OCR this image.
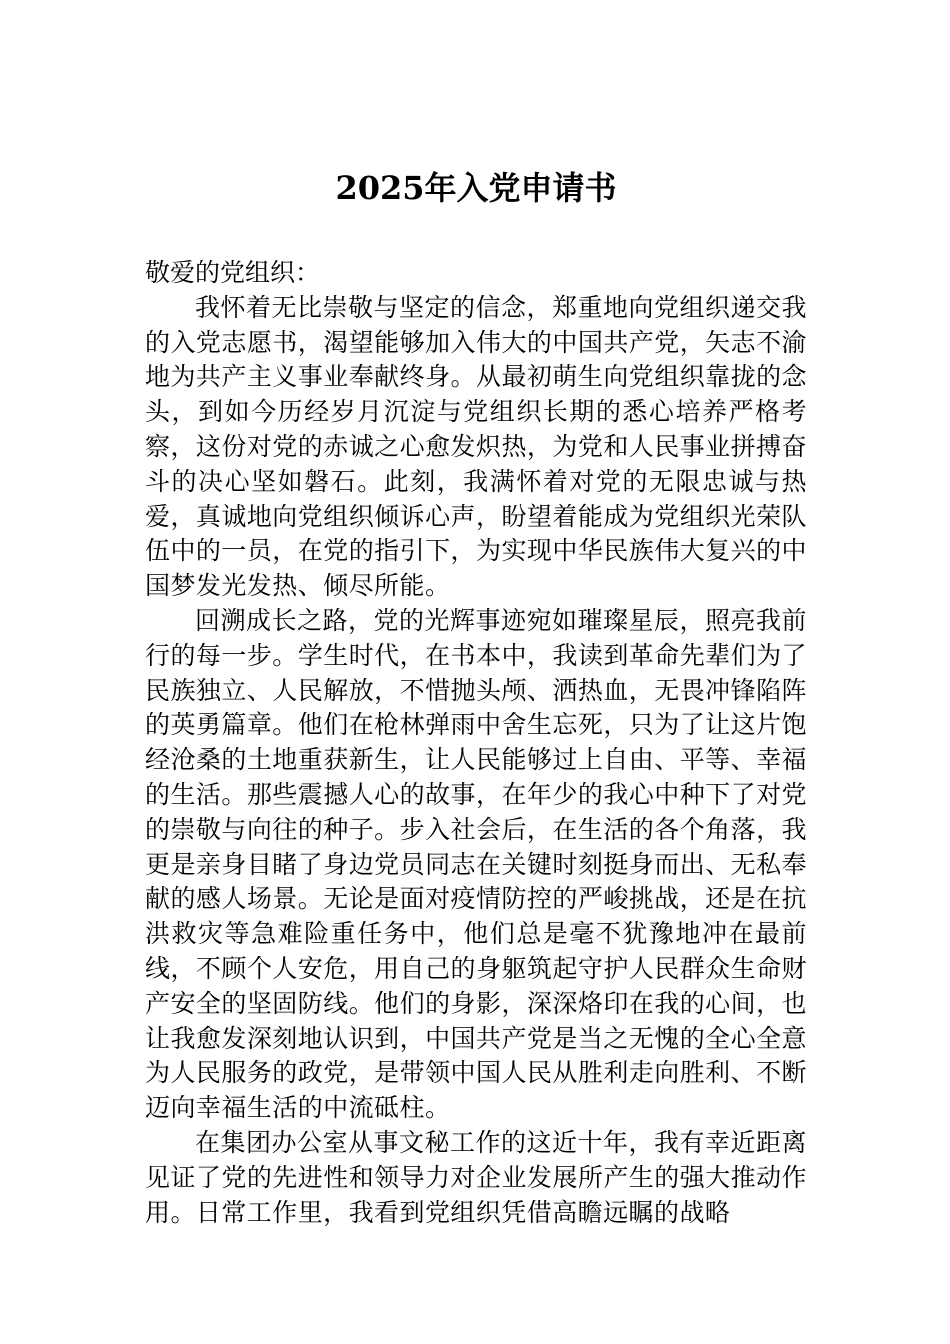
2025年入党申请书

敬爱的党组织：

我怀着无比崇敬与坚定的信念，郑重地向党组织递交我的入党志愿书，渴望能够加入伟大的中国共产党，矢志不渝地为共产主义事业奉献终身。从最初萌生向党组织靠拢的念头，到如今历经岁月沉淀与党组织长期的悉心培养严格考察，这份对党的赤诚之心愈发炽热，为党和人民事业拼搏奋斗的决心坚如磐石。此刻，我满怀着对党的无限忠诚与热爱，真诚地向党组织倾诉心声，盼望着能成为党组织光荣队伍中的一员，在党的指引下，为实现中华民族伟大复兴的中国梦发光发热、倾尽所能。

回溯成长之路，党的光辉事迹宛如璀璨星辰，照亮我前行的每一步。学生时代，在书本中，我读到革命先辈们为了民族独立、人民解放，不惜抛头颅、洒热血，无畏冲锋陷阵的英勇篇章。他们在枪林弹雨中舍生忘死，只为了让这片饱经沧桑的土地重获新生，让人民能够过上自由、平等、幸福的生活。那些震撼人心的故事，在年少的我心中种下了对党的崇敬与向往的种子。步入社会后，在生活的各个角落，我更是亲身目睹了身边党员同志在关键时刻挺身而出、无私奉献的感人场景。无论是面对疫情防控的严峻挑战，还是在抗洪救灾等急难险重任务中，他们总是毫不犹豫地冲在最前线，不顾个人安危，用自己的身躯筑起守护人民群众生命财产安全的坚固防线。他们的身影，深深烙印在我的心间，也让我愈发深刻地认识到，中国共产党是当之无愧的全心全意为人民服务的政党，是带领中国人民从胜利走向胜利、不断迈向幸福生活的中流砥柱。

在集团办公室从事文秘工作的这近十年，我有幸近距离见证了党的先进性和领导力对企业发展所产生的强大推动作用。日常工作里，我看到党组织凭借高瞻远瞩的战略
